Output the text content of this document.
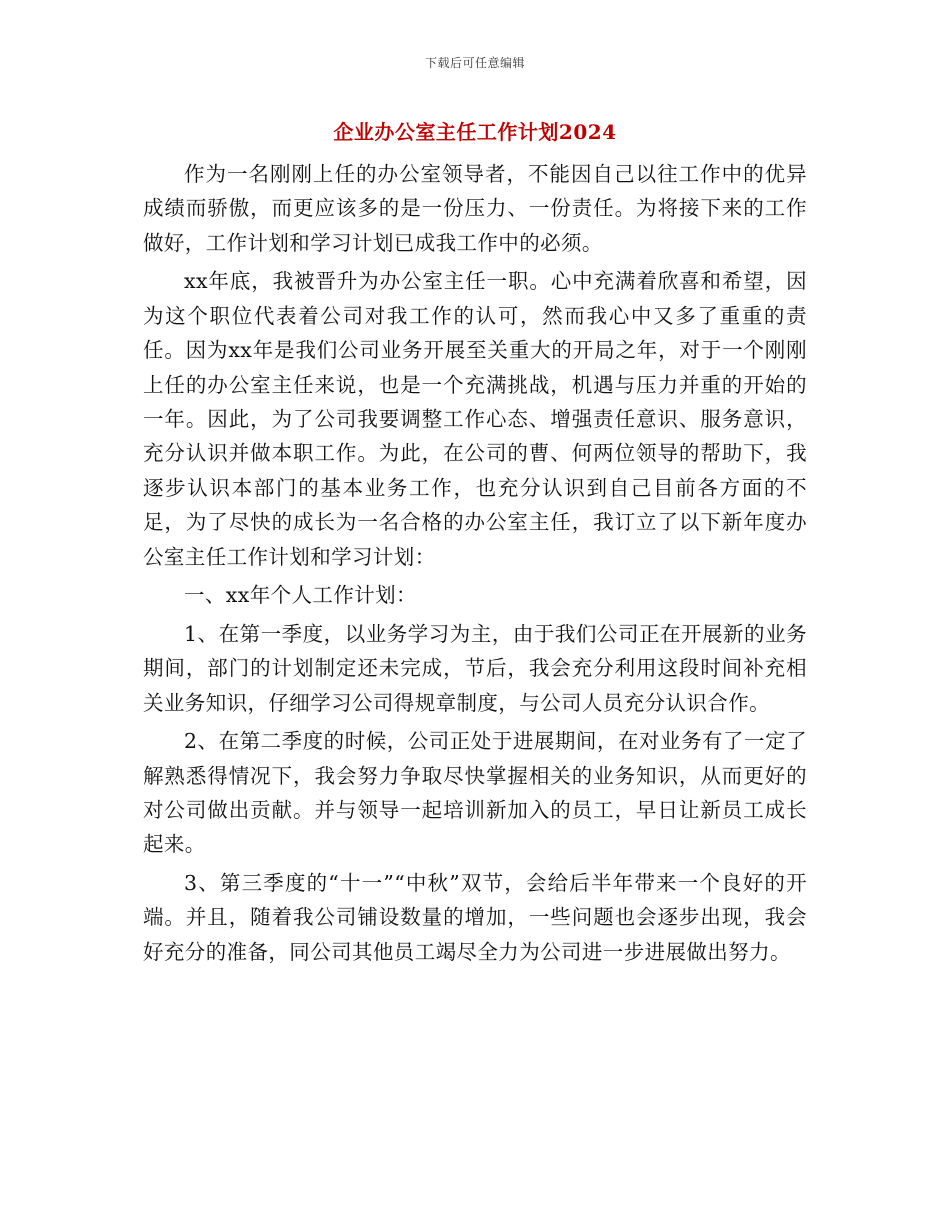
下载后可任意编辑
企业办公室主任工作计划2024

作为一名刚刚上任的办公室领导者，不能因自己以往工作中的优异成绩而骄傲，而更应该多的是一份压力、一份责任。为将接下来的工作做好，工作计划和学习计划已成我工作中的必须。

xx年底，我被晋升为办公室主任一职。心中充满着欣喜和希望，因为这个职位代表着公司对我工作的认可，然而我心中又多了重重的责任。因为xx年是我们公司业务开展至关重大的开局之年，对于一个刚刚上任的办公室主任来说，也是一个充满挑战，机遇与压力并重的开始的一年。因此，为了公司我要调整工作心态、增强责任意识、服务意识，充分认识并做本职工作。为此，在公司的曹、何两位领导的帮助下，我逐步认识本部门的基本业务工作，也充分认识到自己目前各方面的不足，为了尽快的成长为一名合格的办公室主任，我订立了以下新年度办公室主任工作计划和学习计划：

一、xx年个人工作计划：

1、在第一季度，以业务学习为主，由于我们公司正在开展新的业务期间，部门的计划制定还未完成，节后，我会充分利用这段时间补充相关业务知识，仔细学习公司得规章制度，与公司人员充分认识合作。

2、在第二季度的时候，公司正处于进展期间，在对业务有了一定了解熟悉得情况下，我会努力争取尽快掌握相关的业务知识，从而更好的对公司做出贡献。并与领导一起培训新加入的员工，早日让新员工成长起来。

3、第三季度的“十一”“中秋”双节，会给后半年带来一个良好的开端。并且，随着我公司铺设数量的增加，一些问题也会逐步出现，我会好充分的准备，同公司其他员工竭尽全力为公司进一步进展做出努力。
